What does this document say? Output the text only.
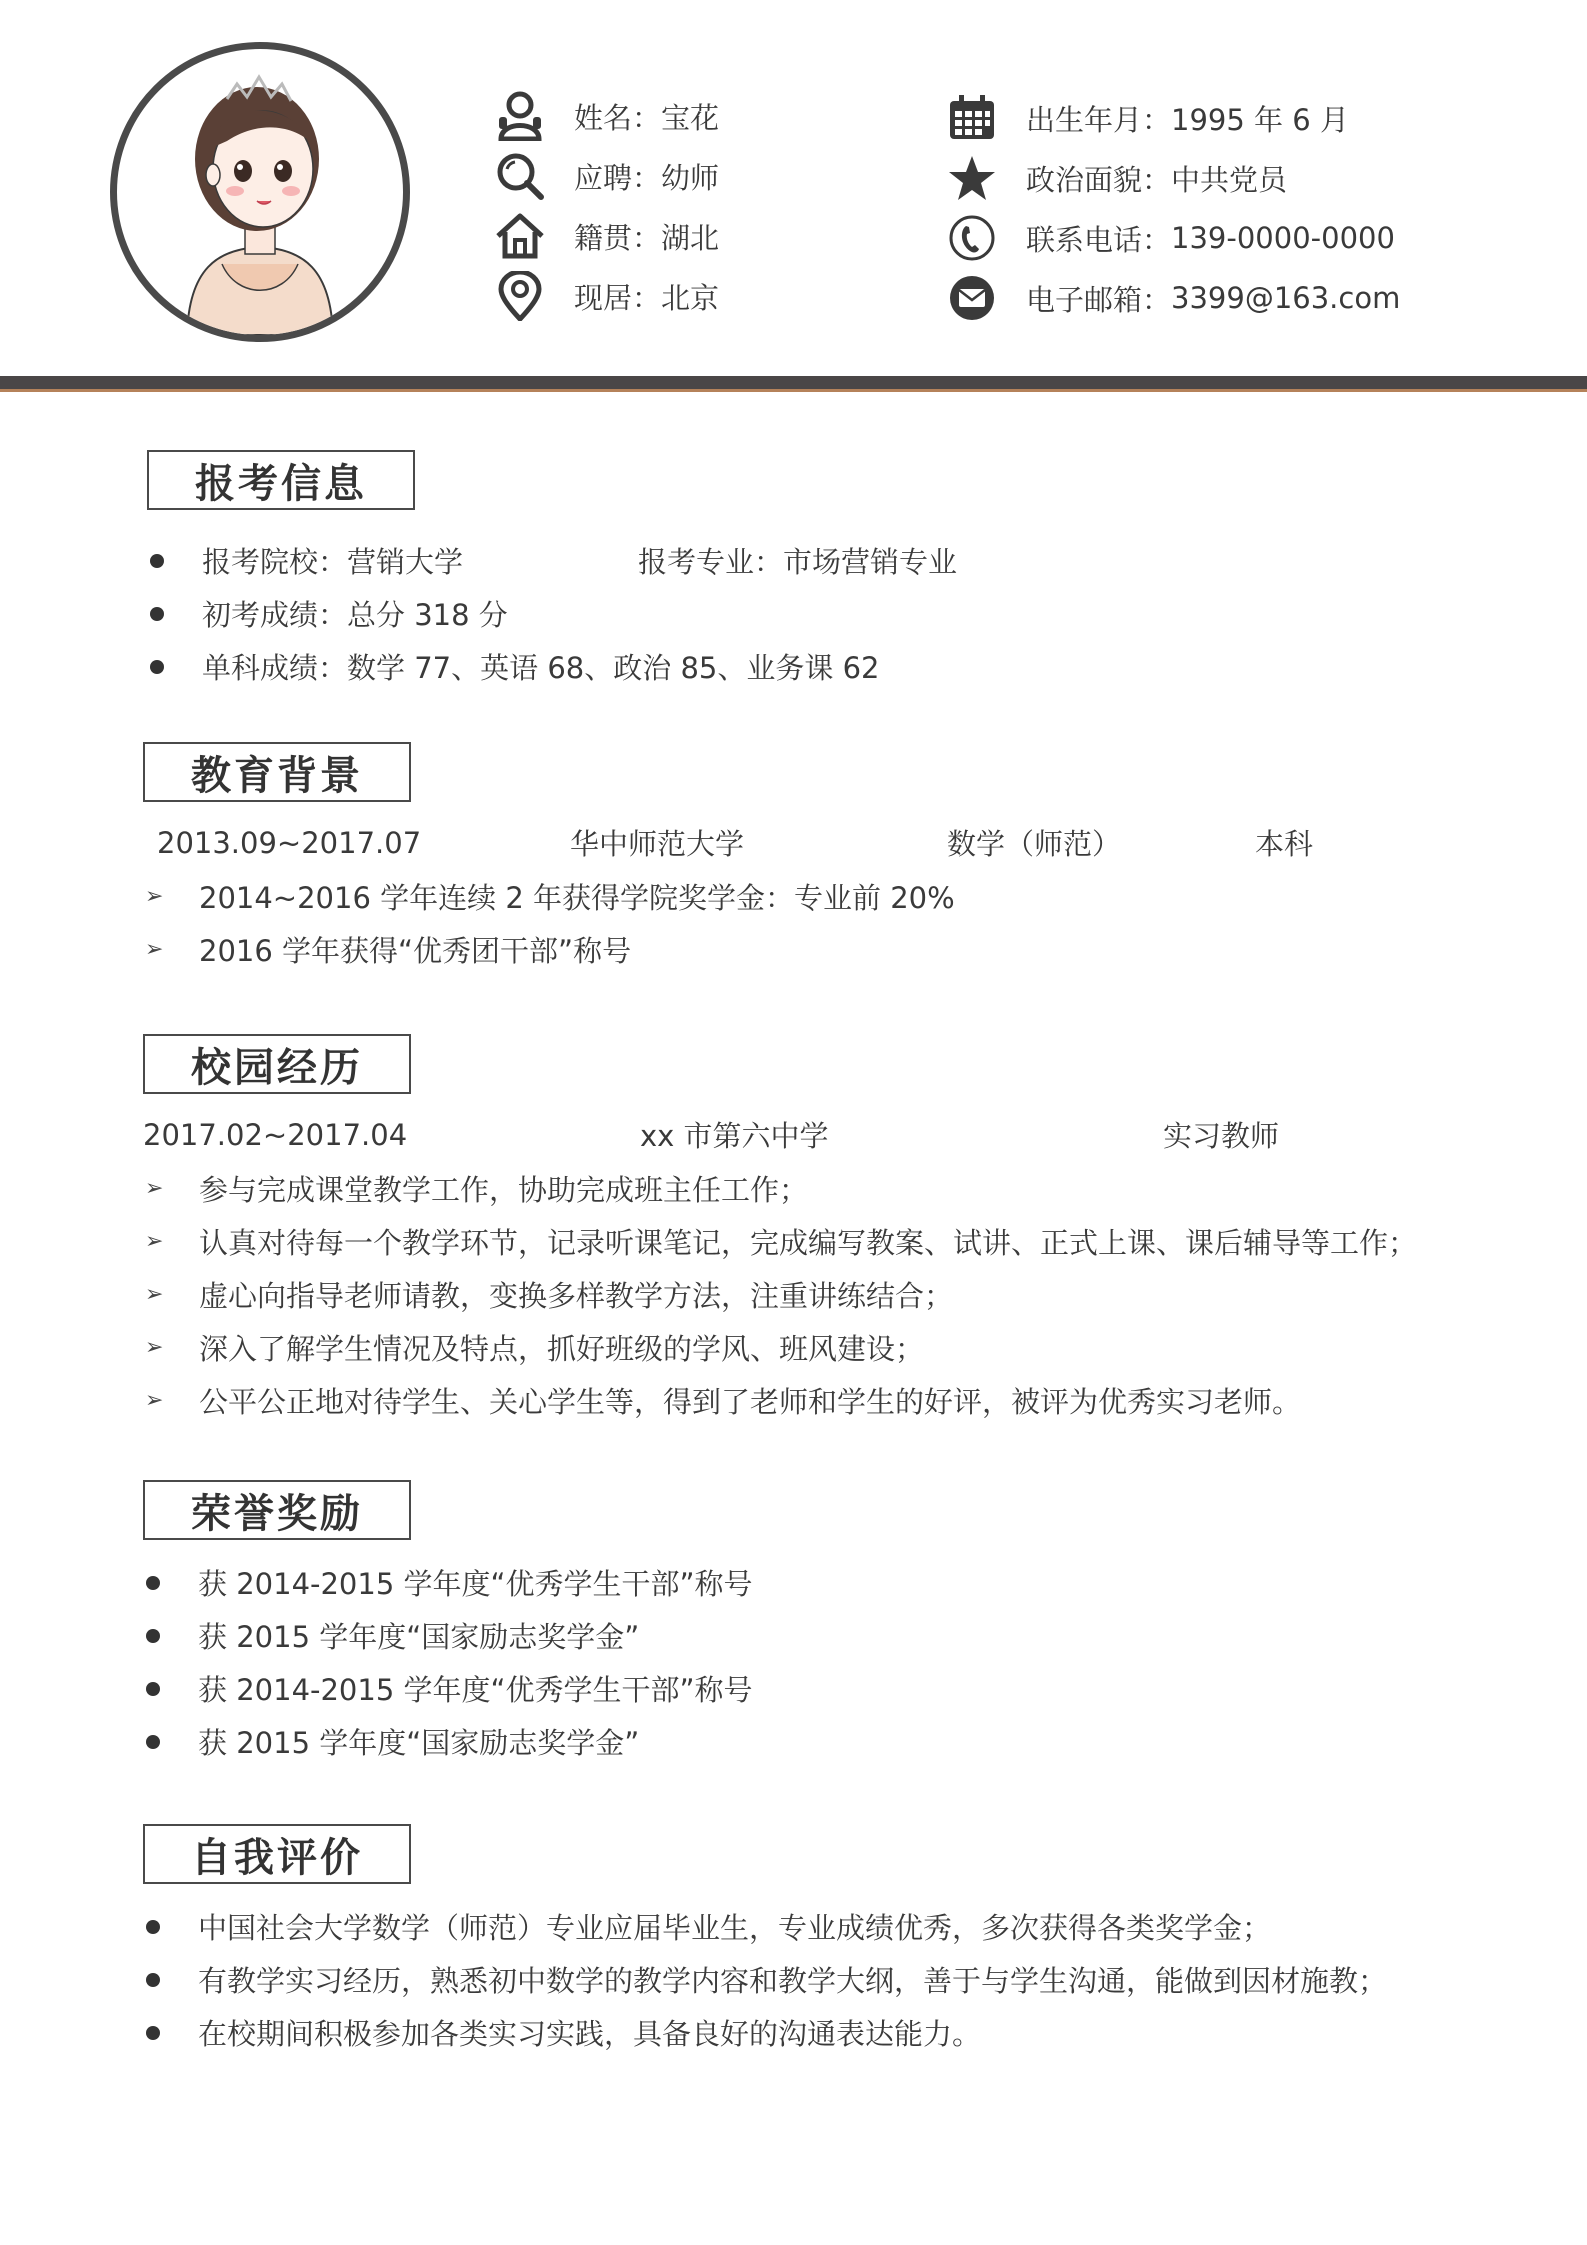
姓名 ：	宝花
应聘 ：	幼师
籍贯 ：	湖北
现居 ：	北京
出生年月 ：	1995 年 6 月
政治面貌 ：	中共党员
联系电话 ：	139-0000-0000
电子邮箱 ：	3399@163.com
报考信息
报考院校：营销大学	报考专业：市场营销专业
初考成绩：总分 318 分
单科成绩：数学 77、英语 68、政治 85、业务课 62
教育背景
2013.09~2017.07	华中师范大学	数学（师范）	本科
➢ 2014~2016 学年连续 2 年获得学院奖学金：专业前 20%
➢ 2016 学年获得“优秀团干部”称号
校园经历
2017.02~2017.04	xx 市第六中学	实习教师
➢ 参与完成课堂教学工作，协助完成班主任工作；
➢ 认真对待每一个教学环节，记录听课笔记，完成编写教案、试讲、正式上课、课后辅导等工作；
➢ 虚心向指导老师请教，变换多样教学方法，注重讲练结合；
➢ 深入了解学生情况及特点，抓好班级的学风、班风建设；
➢ 公平公正地对待学生、关心学生等，得到了老师和学生的好评，被评为优秀实习老师。
荣誉奖励
获 2014-2015 学年度“优秀学生干部”称号
获 2015 学年度“国家励志奖学金”
获 2014-2015 学年度“优秀学生干部”称号
获 2015 学年度“国家励志奖学金”
自我评价
中国社会大学数学（师范）专业应届毕业生，专业成绩优秀，多次获得各类奖学金；
有教学实习经历，熟悉初中数学的教学内容和教学大纲，善于与学生沟通，能做到因材施教；
在校期间积极参加各类实习实践，具备良好的沟通表达能力。
